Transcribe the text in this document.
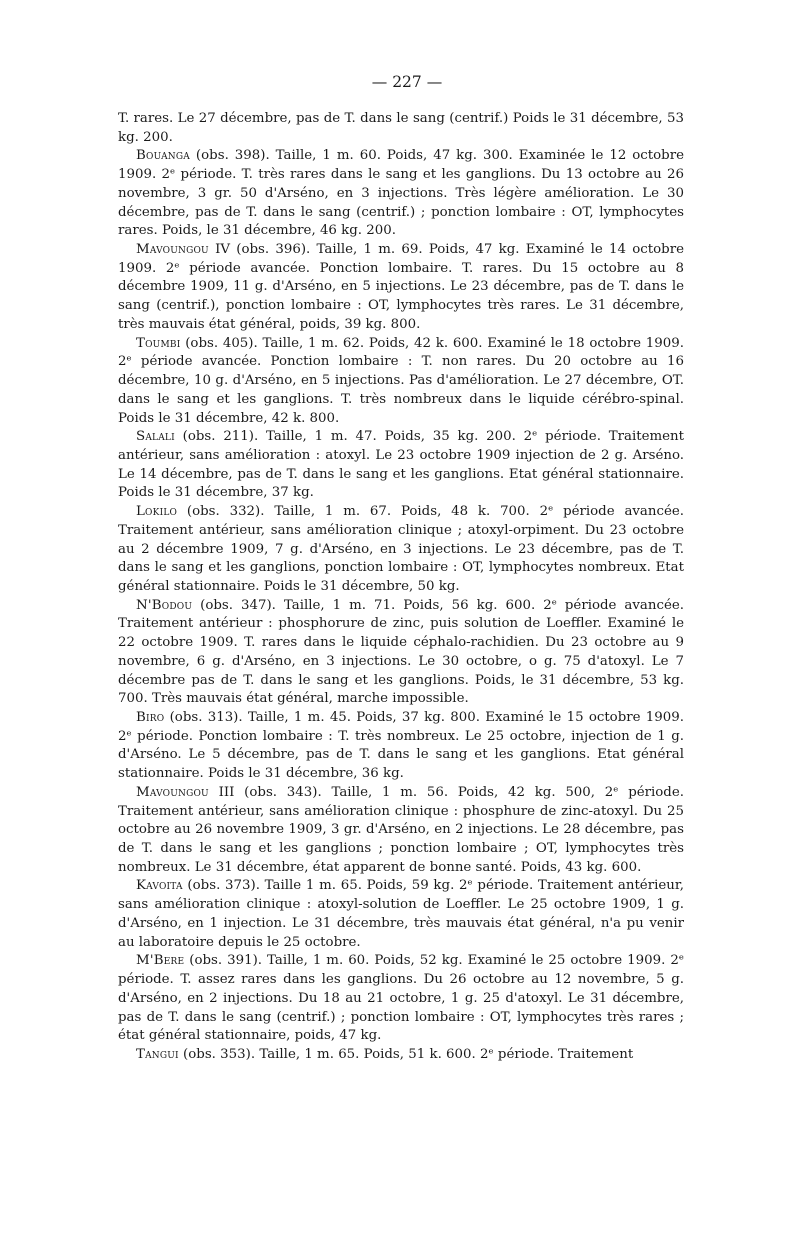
— 227 —

T. rares. Le 27 décembre, pas de T. dans le sang (centrif.) Poids le 31 décembre, 53 kg. 200.

Bouanga (obs. 398). Taille, 1 m. 60. Poids, 47 kg. 300. Examinée le 12 octobre 1909. 2ᵉ période. T. très rares dans le sang et les ganglions. Du 13 octobre au 26 novembre, 3 gr. 50 d'Arséno, en 3 injections. Très légère amélioration. Le 30 décembre, pas de T. dans le sang (centrif.) ; ponction lombaire : OT, lymphocytes rares. Poids, le 31 décembre, 46 kg. 200.

Mavoungou IV (obs. 396). Taille, 1 m. 69. Poids, 47 kg. Examiné le 14 octobre 1909. 2ᵉ période avancée. Ponction lombaire. T. rares. Du 15 octobre au 8 décembre 1909, 11 g. d'Arséno, en 5 injections. Le 23 décembre, pas de T. dans le sang (centrif.), ponction lombaire : OT, lymphocytes très rares. Le 31 décembre, très mauvais état général, poids, 39 kg. 800.

Toumbi (obs. 405). Taille, 1 m. 62. Poids, 42 k. 600. Examiné le 18 octobre 1909. 2ᵉ période avancée. Ponction lombaire : T. non rares. Du 20 octobre au 16 décembre, 10 g. d'Arséno, en 5 injections. Pas d'amélioration. Le 27 décembre, OT. dans le sang et les ganglions. T. très nombreux dans le liquide cérébro-spinal. Poids le 31 décembre, 42 k. 800.

Salali (obs. 211). Taille, 1 m. 47. Poids, 35 kg. 200. 2ᵉ période. Traitement antérieur, sans amélioration : atoxyl. Le 23 octobre 1909 injection de 2 g. Arséno. Le 14 décembre, pas de T. dans le sang et les ganglions. Etat général stationnaire. Poids le 31 décembre, 37 kg.

Lokilo (obs. 332). Taille, 1 m. 67. Poids, 48 k. 700. 2ᵉ période avancée. Traitement antérieur, sans amélioration clinique ; atoxyl-orpiment. Du 23 octobre au 2 décembre 1909, 7 g. d'Arséno, en 3 injections. Le 23 décembre, pas de T. dans le sang et les ganglions, ponction lombaire : OT, lymphocytes nombreux. Etat général stationnaire. Poids le 31 décembre, 50 kg.

N'Bodou (obs. 347). Taille, 1 m. 71. Poids, 56 kg. 600. 2ᵉ période avancée. Traitement antérieur : phosphorure de zinc, puis solution de Loeffler. Examiné le 22 octobre 1909. T. rares dans le liquide céphalo-rachidien. Du 23 octobre au 9 novembre, 6 g. d'Arséno, en 3 injections. Le 30 octobre, o g. 75 d'atoxyl. Le 7 décembre pas de T. dans le sang et les ganglions. Poids, le 31 décembre, 53 kg. 700. Très mauvais état général, marche impossible.

Biro (obs. 313). Taille, 1 m. 45. Poids, 37 kg. 800. Examiné le 15 octobre 1909. 2ᵉ période. Ponction lombaire : T. très nombreux. Le 25 octobre, injection de 1 g. d'Arséno. Le 5 décembre, pas de T. dans le sang et les ganglions. Etat général stationnaire. Poids le 31 décembre, 36 kg.

Mavoungou III (obs. 343). Taille, 1 m. 56. Poids, 42 kg. 500, 2ᵉ période. Traitement antérieur, sans amélioration clinique : phosphure de zinc-atoxyl. Du 25 octobre au 26 novembre 1909, 3 gr. d'Arséno, en 2 injections. Le 28 décembre, pas de T. dans le sang et les ganglions ; ponction lombaire ; OT, lymphocytes très nombreux. Le 31 décembre, état apparent de bonne santé. Poids, 43 kg. 600.

Kavoita (obs. 373). Taille 1 m. 65. Poids, 59 kg. 2ᵉ période. Traitement antérieur, sans amélioration clinique : atoxyl-solution de Loeffler. Le 25 octobre 1909, 1 g. d'Arséno, en 1 injection. Le 31 décembre, très mauvais état général, n'a pu venir au laboratoire depuis le 25 octobre.

M'Bere (obs. 391). Taille, 1 m. 60. Poids, 52 kg. Examiné le 25 octobre 1909. 2ᵉ période. T. assez rares dans les ganglions. Du 26 octobre au 12 novembre, 5 g. d'Arséno, en 2 injections. Du 18 au 21 octobre, 1 g. 25 d'atoxyl. Le 31 décembre, pas de T. dans le sang (centrif.) ; ponction lombaire : OT, lymphocytes très rares ; état général stationnaire, poids, 47 kg.

Tangui (obs. 353). Taille, 1 m. 65. Poids, 51 k. 600. 2ᵉ période. Traitement
